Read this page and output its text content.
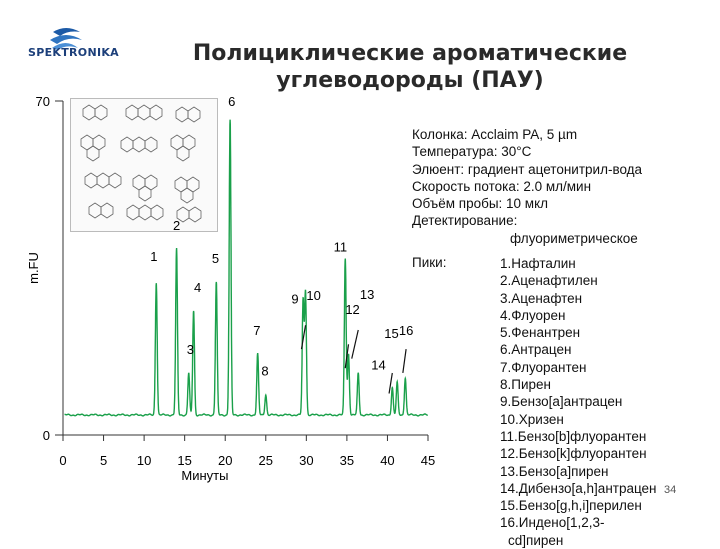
SPEKTRONIKA	Полициклические ароматические
углеводороды (ПАУ)
0	5 10 15 20 25 30 35 40 45
0
70
1
2
3
4
5
6
7
8
9 10
11
12
13
14
15 16
m.FU
Минуты
Колонка: Acclaim PA, 5 µm
Температура: 30°С
Элюент: градиент ацетонитрил-вода
Скорость потока: 2.0 мл/мин
Объём пробы: 10 мкл
Детектирование:
флуориметрическое
Пики:	1.Нафталин
2.Аценафтилен
3.Аценафтен
4.Флуорен
5.Фенантрен
6.Антрацен
7.Флуорантен
8.Пирен
9.Бензо[а]антрацен
10.Хризен
11.Бензо[b]флуорантен
12.Бензо[k]флуорантен
13.Бензо[а]пирен
14.Дибензо[a,h]антрацен
15.Бензо[g,h,i]перилен
16.Индено[1,2,3-
cd]пирен
34
